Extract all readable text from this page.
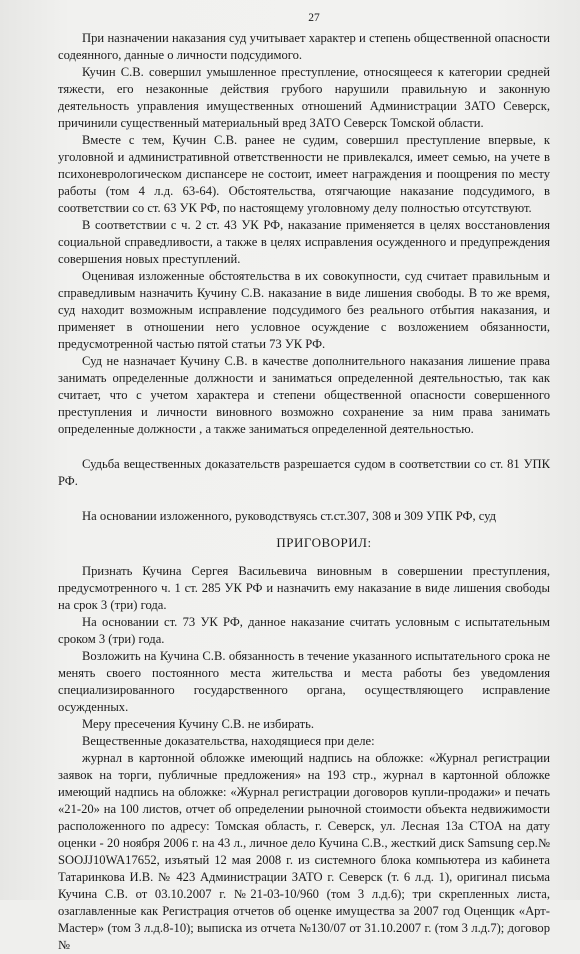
27

При назначении наказания суд учитывает характер и степень общественной опасности содеянного, данные о личности подсудимого.

Кучин С.В. совершил умышленное преступление, относящееся к категории средней тяжести, его незаконные действия грубого нарушили правильную и законную деятельность управления имущественных отношений Администрации ЗАТО Северск, причинили существенный материальный вред ЗАТО Северск Томской области.

Вместе с тем, Кучин С.В. ранее не судим, совершил преступление впервые, к уголовной и административной ответственности не привлекался, имеет семью, на учете в психоневрологическом диспансере не состоит, имеет награждения и поощрения по месту работы (том 4 л.д. 63-64). Обстоятельства, отягчающие наказание подсудимого, в соответствии со ст. 63 УК РФ, по настоящему уголовному делу полностью отсутствуют.

В соответствии с ч. 2 ст. 43 УК РФ, наказание применяется в целях восстановления социальной справедливости, а также в целях исправления осужденного и предупреждения совершения новых преступлений.

Оценивая изложенные обстоятельства в их совокупности, суд считает правильным и справедливым назначить Кучину С.В. наказание в виде лишения свободы. В то же время, суд находит возможным исправление подсудимого без реального отбытия наказания, и применяет в отношении него условное осуждение с возложением обязанности, предусмотренной частью пятой статьи 73 УК РФ.

Суд не назначает Кучину С.В. в качестве дополнительного наказания лишение права занимать определенные должности и заниматься определенной деятельностью, так как считает, что с учетом характера и степени общественной опасности совершенного преступления и личности виновного возможно сохранение за ним права занимать определенные должности , а также заниматься определенной деятельностью.

Судьба вещественных доказательств разрешается судом в соответствии со ст. 81 УПК РФ.

На основании изложенного, руководствуясь ст.ст.307, 308 и 309 УПК РФ, суд

ПРИГОВОРИЛ:

Признать Кучина Сергея Васильевича виновным в совершении преступления, предусмотренного ч. 1 ст. 285 УК РФ и назначить ему наказание в виде лишения свободы на срок 3 (три) года.

На основании ст. 73 УК РФ, данное наказание считать условным с испытательным сроком 3 (три) года.

Возложить на Кучина С.В. обязанность в течение указанного испытательного срока не менять своего постоянного места жительства и места работы без уведомления специализированного государственного органа, осуществляющего исправление осужденных.

Меру пресечения Кучину С.В. не избирать.

Вещественные доказательства, находящиеся при деле:

журнал в картонной обложке имеющий надпись на обложке: «Журнал регистрации заявок на торги, публичные предложения» на 193 стр., журнал в картонной обложке имеющий надпись на обложке: «Журнал регистрации договоров купли-продажи» и печать «21-20» на 100 листов, отчет об определении рыночной стоимости объекта недвижимости расположенного по адресу: Томская область, г. Северск, ул. Лесная 13а СТОА на дату оценки - 20 ноября 2006 г. на 43 л., личное дело Кучина С.В., жесткий диск Samsung сер.№ SOOJJ10WA17652, изъятый 12 мая 2008 г. из системного блока компьютера из кабинета Татаринкова И.В. № 423 Администрации ЗАТО г. Северск (т. 6 л.д. 1), оригинал письма Кучина С.В. от 03.10.2007 г. №21-03-10/960 (том 3 л.д.6); три скрепленных листа, озаглавленные как Регистрация отчетов об оценке имущества за 2007 год Оценщик «Арт-Мастер» (том 3 л.д.8-10); выписка из отчета №130/07 от 31.10.2007 г. (том 3 л.д.7); договор №
